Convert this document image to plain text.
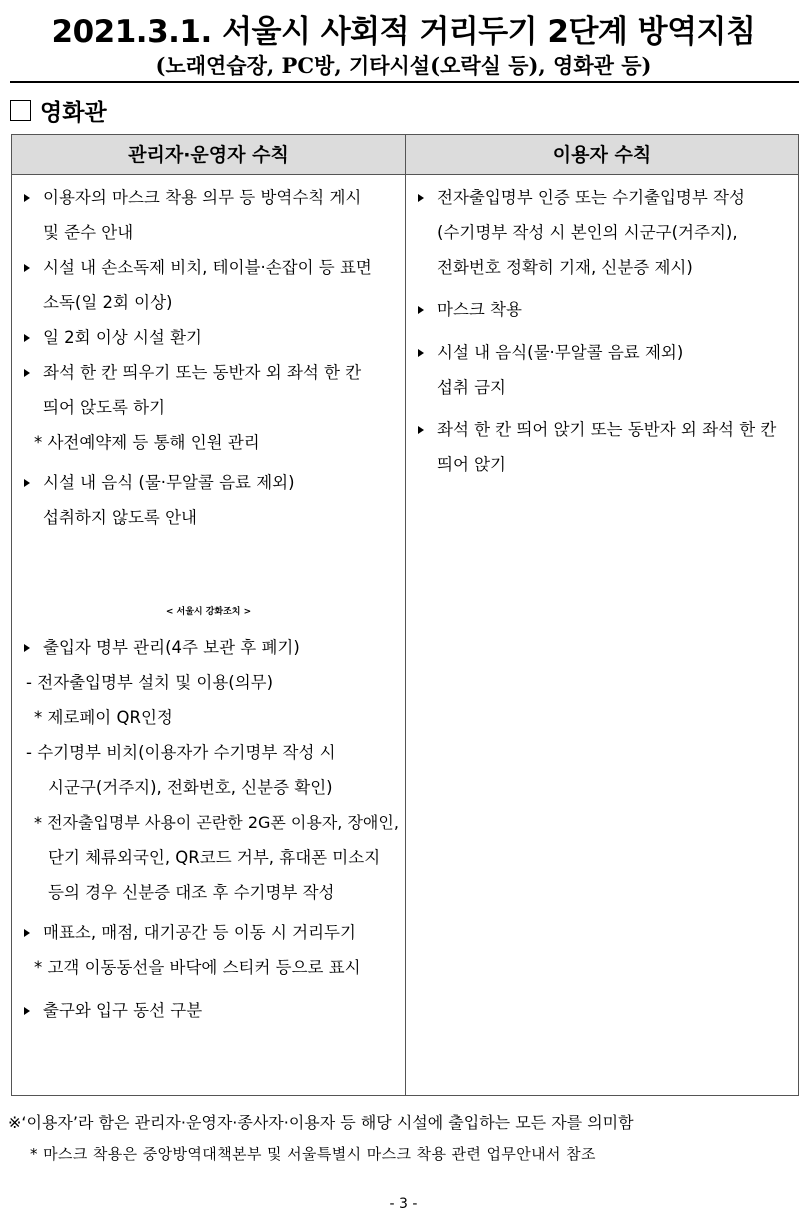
2021.3.1. 서울시 사회적 거리두기 2단계 방역지침
(노래연습장, PC방, 기타시설(오락실 등), 영화관 등)
영화관
관리자·운영자 수칙	이용자 수칙
이용자의 마스크 착용 의무 등 방역수칙 게시
및 준수 안내
시설 내 손소독제 비치, 테이블·손잡이 등 표면
소독(일 2회 이상)
일 2회 이상 시설 환기
좌석 한 칸 띄우기 또는 동반자 외 좌석 한 칸
띄어 앉도록 하기
* 사전예약제 등 통해 인원 관리
시설 내 음식 (물·무알콜 음료 제외)
섭취하지 않도록 안내
< 서울시 강화조치 >
출입자 명부 관리(4주 보관 후 폐기)
- 전자출입명부 설치 및 이용(의무)
* 제로페이 QR인정
- 수기명부 비치(이용자가 수기명부 작성 시
시군구(거주지), 전화번호, 신분증 확인)
* 전자출입명부 사용이 곤란한 2G폰 이용자, 장애인,
단기 체류외국인, QR코드 거부, 휴대폰 미소지
등의 경우 신분증 대조 후 수기명부 작성
매표소, 매점, 대기공간 등 이동 시 거리두기
* 고객 이동동선을 바닥에 스티커 등으로 표시
출구와 입구 동선 구분
전자출입명부 인증 또는 수기출입명부 작성
(수기명부 작성 시 본인의 시군구(거주지),
전화번호 정확히 기재, 신분증 제시)
마스크 착용
시설 내 음식(물·무알콜 음료 제외)
섭취 금지
좌석 한 칸 띄어 앉기 또는 동반자 외 좌석 한 칸
띄어 앉기
※‘이용자’라 함은 관리자·운영자·종사자·이용자 등 해당 시설에 출입하는 모든 자를 의미함
* 마스크 착용은 중앙방역대책본부 및 서울특별시 마스크 착용 관련 업무안내서 참조
- 3 -
